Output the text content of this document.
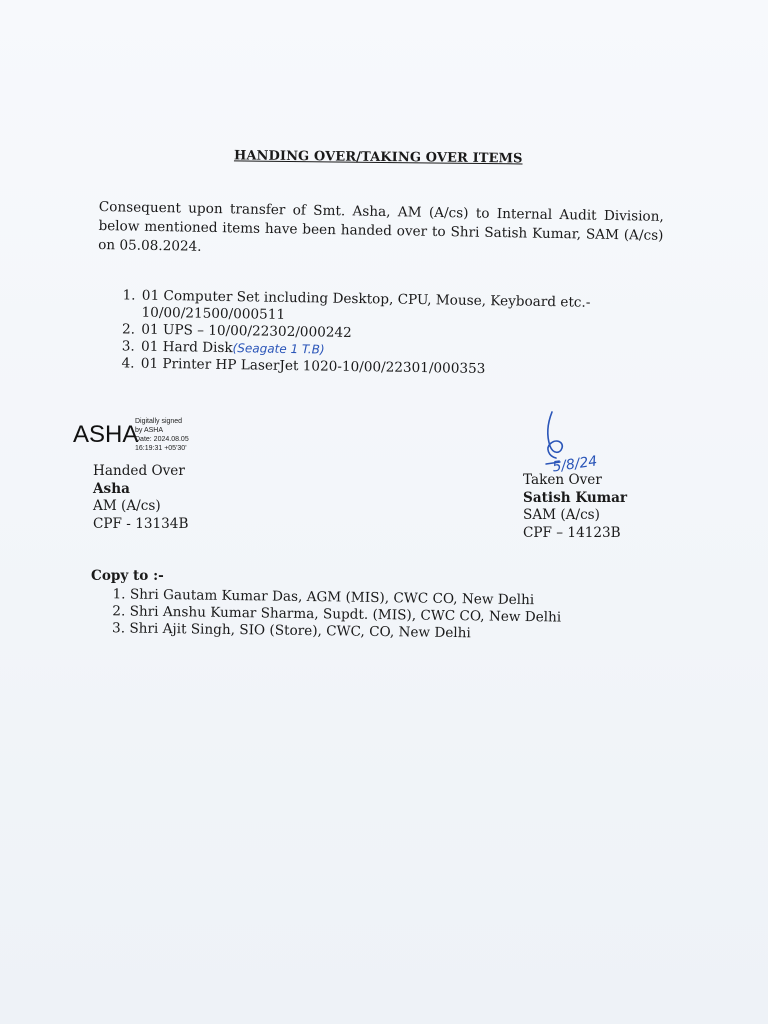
HANDING OVER/TAKING OVER ITEMS
Consequent upon transfer of Smt. Asha, AM (A/cs) to Internal Audit Division, below mentioned items have been handed over to Shri Satish Kumar, SAM (A/cs) on 05.08.2024.
1. 01 Computer Set including Desktop, CPU, Mouse, Keyboard etc.- 10/00/21500/000511
2. 01 UPS – 10/00/22302/000242
3. 01 Hard Disk(Seagate 1 T.B)
4. 01 Printer HP LaserJet 1020-10/00/22301/000353
ASHA
Digitally signed
by ASHA
Date: 2024.08.05
16:19:31 +05'30'
Handed Over
Asha
AM (A/cs)
CPF - 13134B
5/8/24
Taken Over
Satish Kumar
SAM (A/cs)
CPF – 14123B
Copy to :-
1. Shri Gautam Kumar Das, AGM (MIS), CWC CO, New Delhi
2. Shri Anshu Kumar Sharma, Supdt. (MIS), CWC CO, New Delhi
3. Shri Ajit Singh, SIO (Store), CWC, CO, New Delhi
